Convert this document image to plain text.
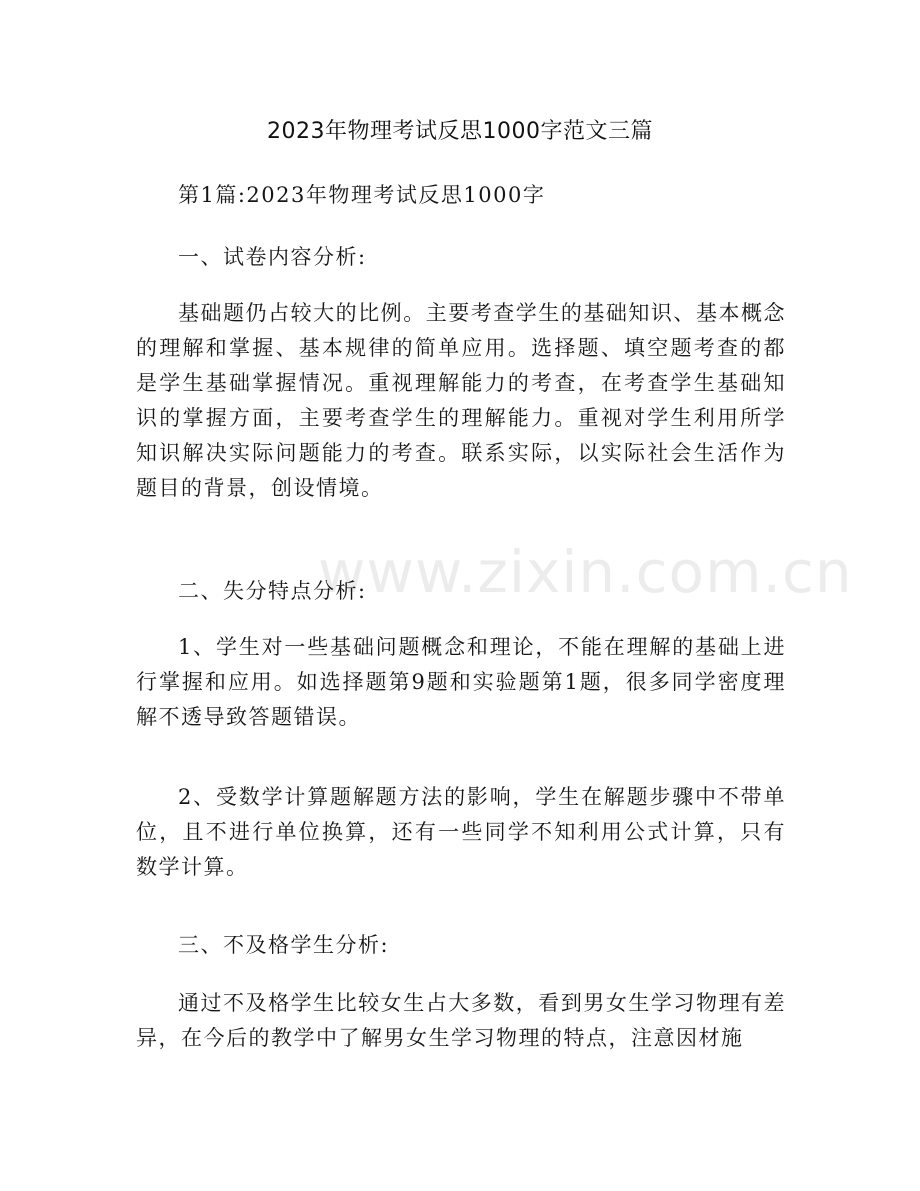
www.zixin.com.cn
2023年物理考试反思1000字范文三篇
第1篇:2023年物理考试反思1000字
一、试卷内容分析:
基础题仍占较大的比例。主要考查学生的基础知识、基本概念的理解和掌握、基本规律的简单应用。选择题、填空题考查的都是学生基础掌握情况。重视理解能力的考查，在考查学生基础知识的掌握方面，主要考查学生的理解能力。重视对学生利用所学知识解决实际问题能力的考查。联系实际，以实际社会生活作为题目的背景，创设情境。
二、失分特点分析:
1、学生对一些基础问题概念和理论，不能在理解的基础上进行掌握和应用。如选择题第9题和实验题第1题，很多同学密度理解不透导致答题错误。
2、受数学计算题解题方法的影响，学生在解题步骤中不带单位，且不进行单位换算，还有一些同学不知利用公式计算，只有数学计算。
三、不及格学生分析:
通过不及格学生比较女生占大多数，看到男女生学习物理有差异，在今后的教学中了解男女生学习物理的特点，注意因材施
